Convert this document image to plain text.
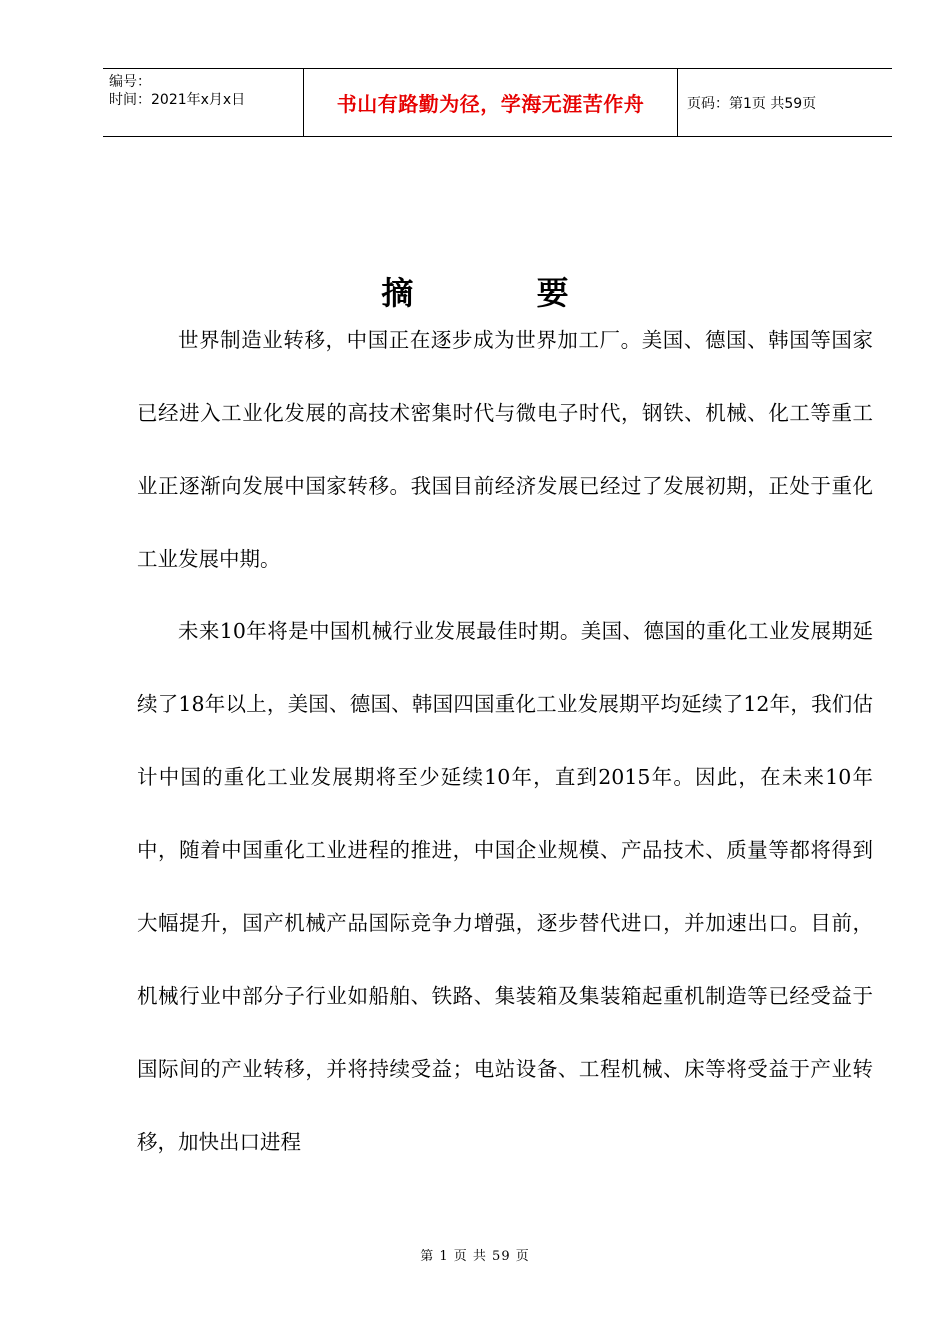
编号：
时间：2021年x月x日	书山有路勤为径，学海无涯苦作舟	页码：第1页 共59页
摘 要

世界制造业转移，中国正在逐步成为世界加工厂。美国、德国、韩国等国家已经进入工业化发展的高技术密集时代与微电子时代，钢铁、机械、化工等重工业正逐渐向发展中国家转移。我国目前经济发展已经过了发展初期，正处于重化工业发展中期。

未来10年将是中国机械行业发展最佳时期。美国、德国的重化工业发展期延续了18年以上，美国、德国、韩国四国重化工业发展期平均延续了12年，我们估计中国的重化工业发展期将至少延续10年，直到2015年。因此，在未来10年中，随着中国重化工业进程的推进，中国企业规模、产品技术、质量等都将得到大幅提升，国产机械产品国际竞争力增强，逐步替代进口，并加速出口。目前，机械行业中部分子行业如船舶、铁路、集装箱及集装箱起重机制造等已经受益于国际间的产业转移，并将持续受益；电站设备、工程机械、床等将受益于产业转移，加快出口进程

第 1 页 共 59 页
